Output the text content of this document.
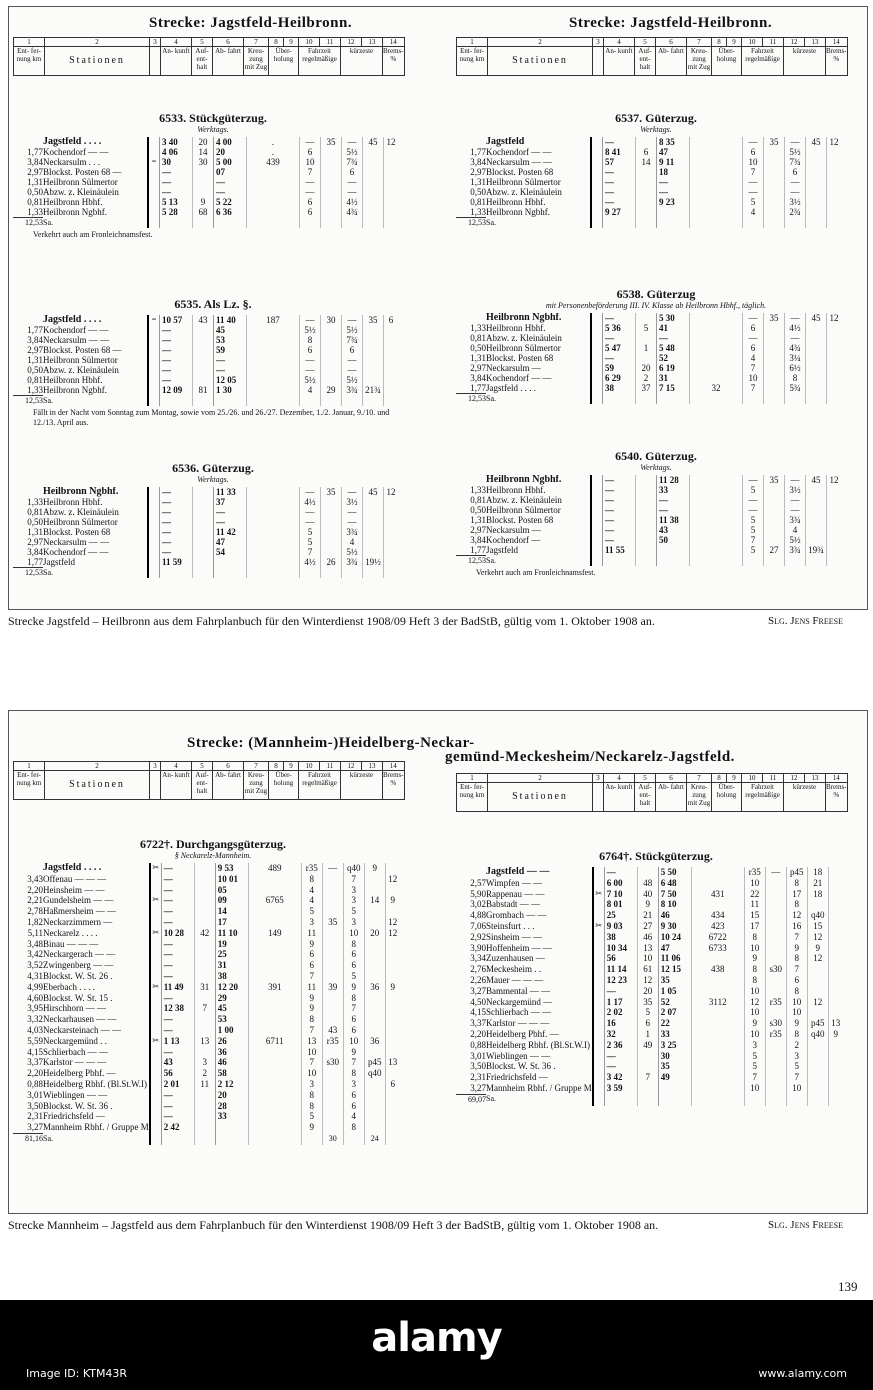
Strecke: Jagstfeld-Heilbronn.	Strecke: Jagstfeld-Heilbronn.
1	2	3	4	5	6	7	8	9	10	11	12	13	14
Ent- fer- nung km	Stationen		An- kunft	Auf- ent- halt	Ab- fahrt	Kreu- zung mit Zug	Über- holung		Fahrzeit regelmäßige		kürzeste		Brems-%
6533. Stückgüterzug.
Werktags.
	Jagstfeld . . . .		3 40	20	4 00	.	—	35	—	45	12
1,77	Kochendorf — —		4 06	14	20	.	6		5½		
3,84	Neckarsulm . . .	=	30	30	5 00	439	10		7¾		
2,97	Blockst. Posten 68 —		—		07		7		6		
1,31	Heilbronn Sülmertor		—		—		—		—		
0,50	Abzw. z. Kleinäulein		—		—		—		—		
0,81	Heilbronn Hbhf.		5 13	9	5 22		6		4½		
1,33	Heilbronn Ngbhf.		5 28	68	6 36		6		4¾		
12,53	Sa.										
Verkehrt auch am Fronleichnamsfest.
6535. Als Lz. §.
	Jagstfeld . . . .	=	10 57	43	11 40	187	—	30	—	35	6
1,77	Kochendorf — —		—		45		5½		5½		
3,84	Neckarsulm — —		—		53		8		7¾		
2,97	Blockst. Posten 68 —		—		59		6		6		
1,31	Heilbronn Sülmertor		—		—		—		—		
0,50	Abzw. z. Kleinäulein		—		—		—		—		
0,81	Heilbronn Hbhf.		—		12 05		5½		5½		
1,33	Heilbronn Ngbhf.		12 09	81	1 30		4	29	3¾	21¾	
12,53	Sa.										
Fällt in der Nacht vom Sonntag zum Montag, sowie vom 25./26. und 26./27. Dezember, 1./2. Januar, 9./10. und 12./13. April aus.
6536. Güterzug.
Werktags.
	Heilbronn Ngbhf.		—		11 33		—	35	—	45	12
1,33	Heilbronn Hbhf.		—		37		4½		3½		
0,81	Abzw. z. Kleinäulein		—		—		—		—		
0,50	Heilbronn Sülmertor		—		—		—		—		
1,31	Blockst. Posten 68		—		11 42		5		3¾		
2,97	Neckarsulm — —		—		47		5		4		
3,84	Kochendorf — —		—		54		7		5½		
1,77	Jagstfeld		11 59				4½	26	3¾	19½	
12,53	Sa.										
1	2	3	4	5	6	7	8	9	10	11	12	13	14
Ent- fer- nung km	Stationen		An- kunft	Auf- ent- halt	Ab- fahrt	Kreu- zung mit Zug	Über- holung		Fahrzeit regelmäßige		kürzeste		Brems-%
6537. Güterzug.
Werktags.
	Jagstfeld		—		8 35		—	35	—	45	12
1,77	Kochendorf — —		8 41	6	47		6		5½		
3,84	Neckarsulm — —		57	14	9 11		10		7¾		
2,97	Blockst. Posten 68		—		18		7		6		
1,31	Heilbronn Sülmertor		—		—		—		—		
0,50	Abzw. z. Kleinäulein		—		—		—		—		
0,81	Heilbronn Hbhf.		—		9 23		5		3½		
1,33	Heilbronn Ngbhf.		9 27				4		2¾		
12,53	Sa.										
6538. Güterzug
mit Personenbeförderung III. IV. Klasse ab Heilbronn Hbhf., täglich.
	Heilbronn Ngbhf.		—		5 30		—	35	—	45	12
1,33	Heilbronn Hbhf.		5 36	5	41		6		4½		
0,81	Abzw. z. Kleinäulein		—		—		—		—		
0,50	Heilbronn Sülmertor		5 47	1	5 48		6		4¾		
1,31	Blockst. Posten 68		—		52		4		3¼		
2,97	Neckarsulm —		59	20	6 19		7		6½		
3,84	Kochendorf — —		6 29	2	31		10		8		
1,77	Jagstfeld . . . .		38	37	7 15	32	7		5¾		
12,53	Sa.										
6540. Güterzug.
Werktags.
	Heilbronn Ngbhf.		—		11 28		—	35	—	45	12
1,33	Heilbronn Hbhf.		—		33		5		3½		
0,81	Abzw. z. Kleinäulein		—		—		—		—		
0,50	Heilbronn Sülmertor		—		—		—		—		
1,31	Blockst. Posten 68		—		11 38		5		3¾		
2,97	Neckarsulm —		—		43		5		4		
3,84	Kochendorf —		—		50		7		5½		
1,77	Jagstfeld		11 55				5	27	3¾	19¾	
12,53	Sa.										
Verkehrt auch am Fronleichnamsfest.
Strecke Jagstfeld – Heilbronn aus dem Fahrplanbuch für den Winterdienst 1908/09 Heft 3 der BadStB, gültig vom 1. Oktober 1908 an.	Slg. Jens Freese
Strecke: (Mannheim-)Heidelberg-Neckar-
gemünd-Meckesheim/Neckarelz-Jagstfeld.
1	2	3	4	5	6	7	8	9	10	11	12	13	14
Ent- fer- nung km	Stationen		An- kunft	Auf- ent- halt	Ab- fahrt	Kreu- zung mit Zug	Über- holung		Fahrzeit regelmäßige		kürzeste		Brems-%
6722†. Durchgangsgüterzug.
§ Neckarelz-Mannheim.
	Jagstfeld . . . .	✂	—		9 53	489	r35	—	q40	9	
3,43	Offenau — — —		—		10 01		8		7		12
2,20	Heinsheim — —		—		05		4		3		
2,21	Gundelsheim — —	✂	—		09	6765	4		3	14	9
2,78	Haßmersheim — —		—		14		5		5		
1,82	Neckarzimmern —		—		17		3	35	3		12
5,11	Neckarelz . . . .	✂	10 28	42	11 10	149	11		10	20	12
3,48	Binau — — —		—		19		9		8		
3,42	Neckargerach — —		—		25		6		6		
3,52	Zwingenberg — —		—		31		6		6		
4,31	Blockst. W. St. 26 .		—		38		7		5		
4,99	Eberbach . . . .	✂	11 49	31	12 20	391	11	39	9	36	9
4,60	Blockst. W. St. 15 .		—		29		9		8		
3,95	Hirschhorn — —		12 38	7	45		9		7		
3,32	Neckarhausen — —		—		53		8		6		
4,03	Neckarsteinach — —		—		1 00		7	43	6		
5,59	Neckargemünd . .	✂	1 13	13	26	6711	13	r35	10	36	
4,15	Schlierbach — —		—		36		10		9		
3,37	Karlstor — — —		43	3	46		7	s30	7	p45	13
2,20	Heidelberg Pbhf. —		56	2	58		10		8	q40	
0,88	Heidelberg Rbhf. (Bl.St.W.I)		2 01	11	2 12		3		3		6
3,01	Wieblingen — —		—		20		8		6		
3,50	Blockst. W. St. 36 .		—		28		8		6		
2,31	Friedrichsfeld —		—		33		5		4		
3,27	Mannheim Rbhf. / Gruppe M		2 42				9		8		
81,16	Sa.							30		24	
1	2	3	4	5	6	7	8	9	10	11	12	13	14
Ent- fer- nung km	Stationen		An- kunft	Auf- ent- halt	Ab- fahrt	Kreu- zung mit Zug	Über- holung		Fahrzeit regelmäßige		kürzeste		Brems-%
6764†. Stückgüterzug.
	Jagstfeld — —		—		5 50		r35	—	p45	18	
2,57	Wimpfen — —		6 00	48	6 48		10		8	21	
5,90	Rappenau — —	✂	7 10	40	7 50	431	22		17	18	
3,02	Babstadt — —		8 01	9	8 10		11		8		
4,88	Grombach — —		25	21	46	434	15		12	q40	
7,06	Steinsfurt . . .	✂	9 03	27	9 30	423	17		16	15	
2,92	Sinsheim — —		38	46	10 24	6722	8		7	12	
3,90	Hoffenheim — —		10 34	13	47	6733	10		9	9	
3,34	Zuzenhausen —		56	10	11 06		9		8	12	
2,76	Meckesheim . .		11 14	61	12 15	438	8	s30	7		
2,26	Mauer — — —		12 23	12	35		8		6		
3,27	Bammental — —		—	20	1 05		10		8		
4,50	Neckargemünd —		1 17	35	52	3112	12	r35	10	12	
4,15	Schlierbach — —		2 02	5	2 07		10		10		
3,37	Karlstor — — —		16	6	22		9	s30	9	p45	13
2,20	Heidelberg Pbhf. —		32	1	33		10	r35	8	q40	9
0,88	Heidelberg Rbhf. (Bl.St.W.I)		2 36	49	3 25		3		2		
3,01	Wieblingen — —		—		30		5		3		
3,50	Blockst. W. St. 36 .		—		35		5		5		
2,31	Friedrichsfeld —		3 42	7	49		7		7		
3,27	Mannheim Rbhf. / Gruppe M		3 59				10		10		
69,07	Sa.										
Strecke Mannheim – Jagstfeld aus dem Fahrplanbuch für den Winterdienst 1908/09 Heft 3 der BadStB, gültig vom 1. Oktober 1908 an.	Slg. Jens Freese
139
alamy
Image ID: KTM43R	www.alamy.com
